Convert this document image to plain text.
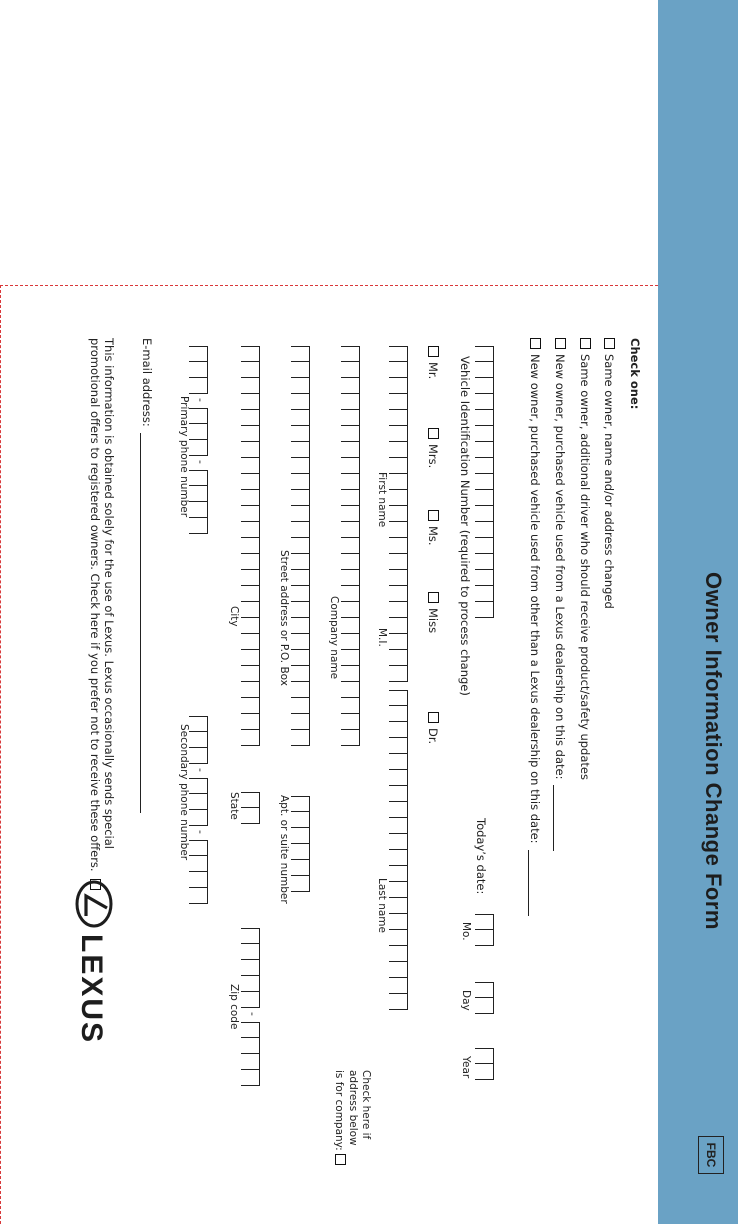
Owner Information Change Form
FBC
Check one:
Same owner, name and/or address changed
Same owner, additional driver who should receive product/safety updates
New owner, purchased vehicle used from a Lexus dealership on this date:
New owner, purchased vehicle used from other than a Lexus dealership on this date:
Vehicle Identification Number (required to process change)
Today’s date:
Mo.
Day
Year
Mr.
Mrs.
Ms.
Miss
Dr.
First name
M.I.
Last name
Check here if
address below
is for company:
Company name
Street address or P.O. Box
Apt. or suite number
-
City
State
Zip code
-
-
-
-
Primary phone number
Secondary phone number
E-mail address:
This information is obtained solely for the use of Lexus. Lexus occasionally sends special
promotional offers to registered owners. Check here if you prefer not to receive these offers.
LEXUS
